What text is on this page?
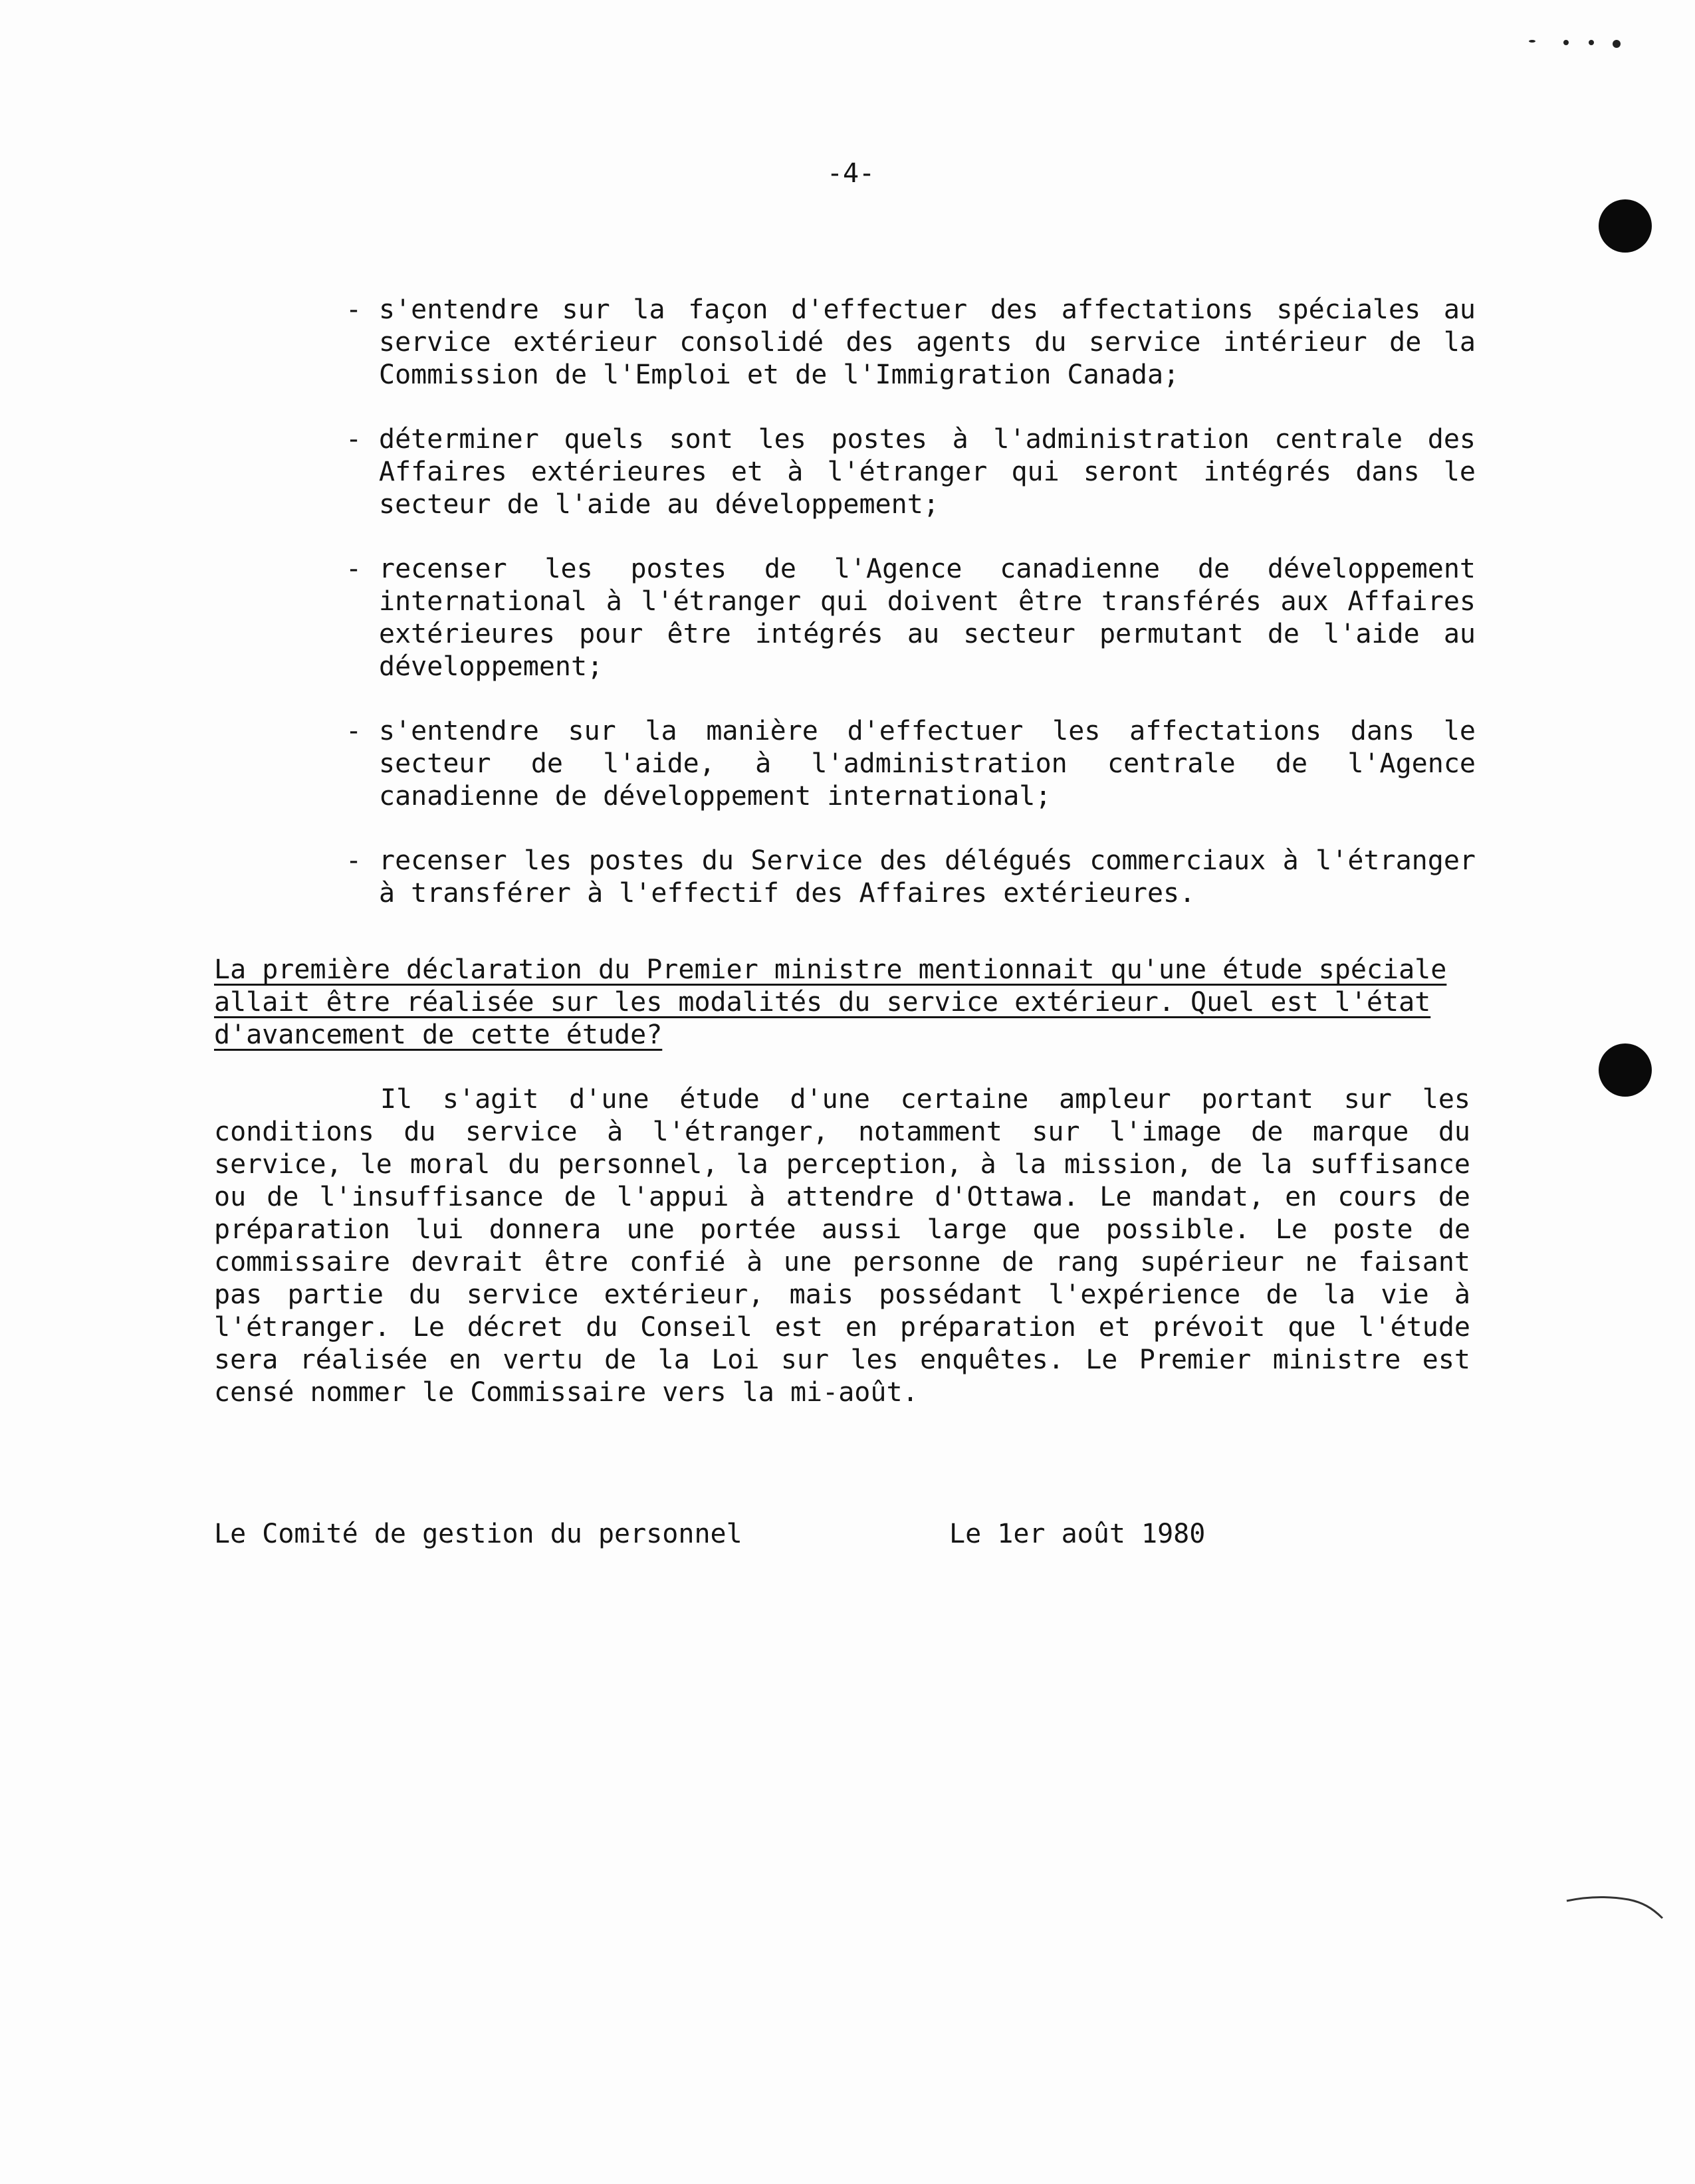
-4-
- s'entendre sur la façon d'effectuer des affectations spéciales au service extérieur consolidé des agents du service intérieur de la Commission de l'Emploi et de l'Immigration Canada;
- déterminer quels sont les postes à l'administration centrale des Affaires extérieures et à l'étranger qui seront intégrés dans le secteur de l'aide au développement;
- recenser les postes de l'Agence canadienne de développement international à l'étranger qui doivent être transférés aux Affaires extérieures pour être intégrés au secteur permutant de l'aide au développement;
- s'entendre sur la manière d'effectuer les affectations dans le secteur de l'aide, à l'administration centrale de l'Agence canadienne de développement international;
- recenser les postes du Service des délégués commerciaux à l'étranger à transférer à l'effectif des Affaires extérieures.

La première déclaration du Premier ministre mentionnait qu'une étude spéciale allait être réalisée sur les modalités du service extérieur. Quel est l'état d'avancement de cette étude?

Il s'agit d'une étude d'une certaine ampleur portant sur les conditions du service à l'étranger, notamment sur l'image de marque du service, le moral du personnel, la perception, à la mission, de la suffisance ou de l'insuffisance de l'appui à attendre d'Ottawa. Le mandat, en cours de préparation lui donnera une portée aussi large que possible. Le poste de commissaire devrait être confié à une personne de rang supérieur ne faisant pas partie du service extérieur, mais possédant l'expérience de la vie à l'étranger. Le décret du Conseil est en préparation et prévoit que l'étude sera réalisée en vertu de la Loi sur les enquêtes. Le Premier ministre est censé nommer le Commissaire vers la mi-août.

Le Comité de gestion du personnel	Le 1er août 1980
